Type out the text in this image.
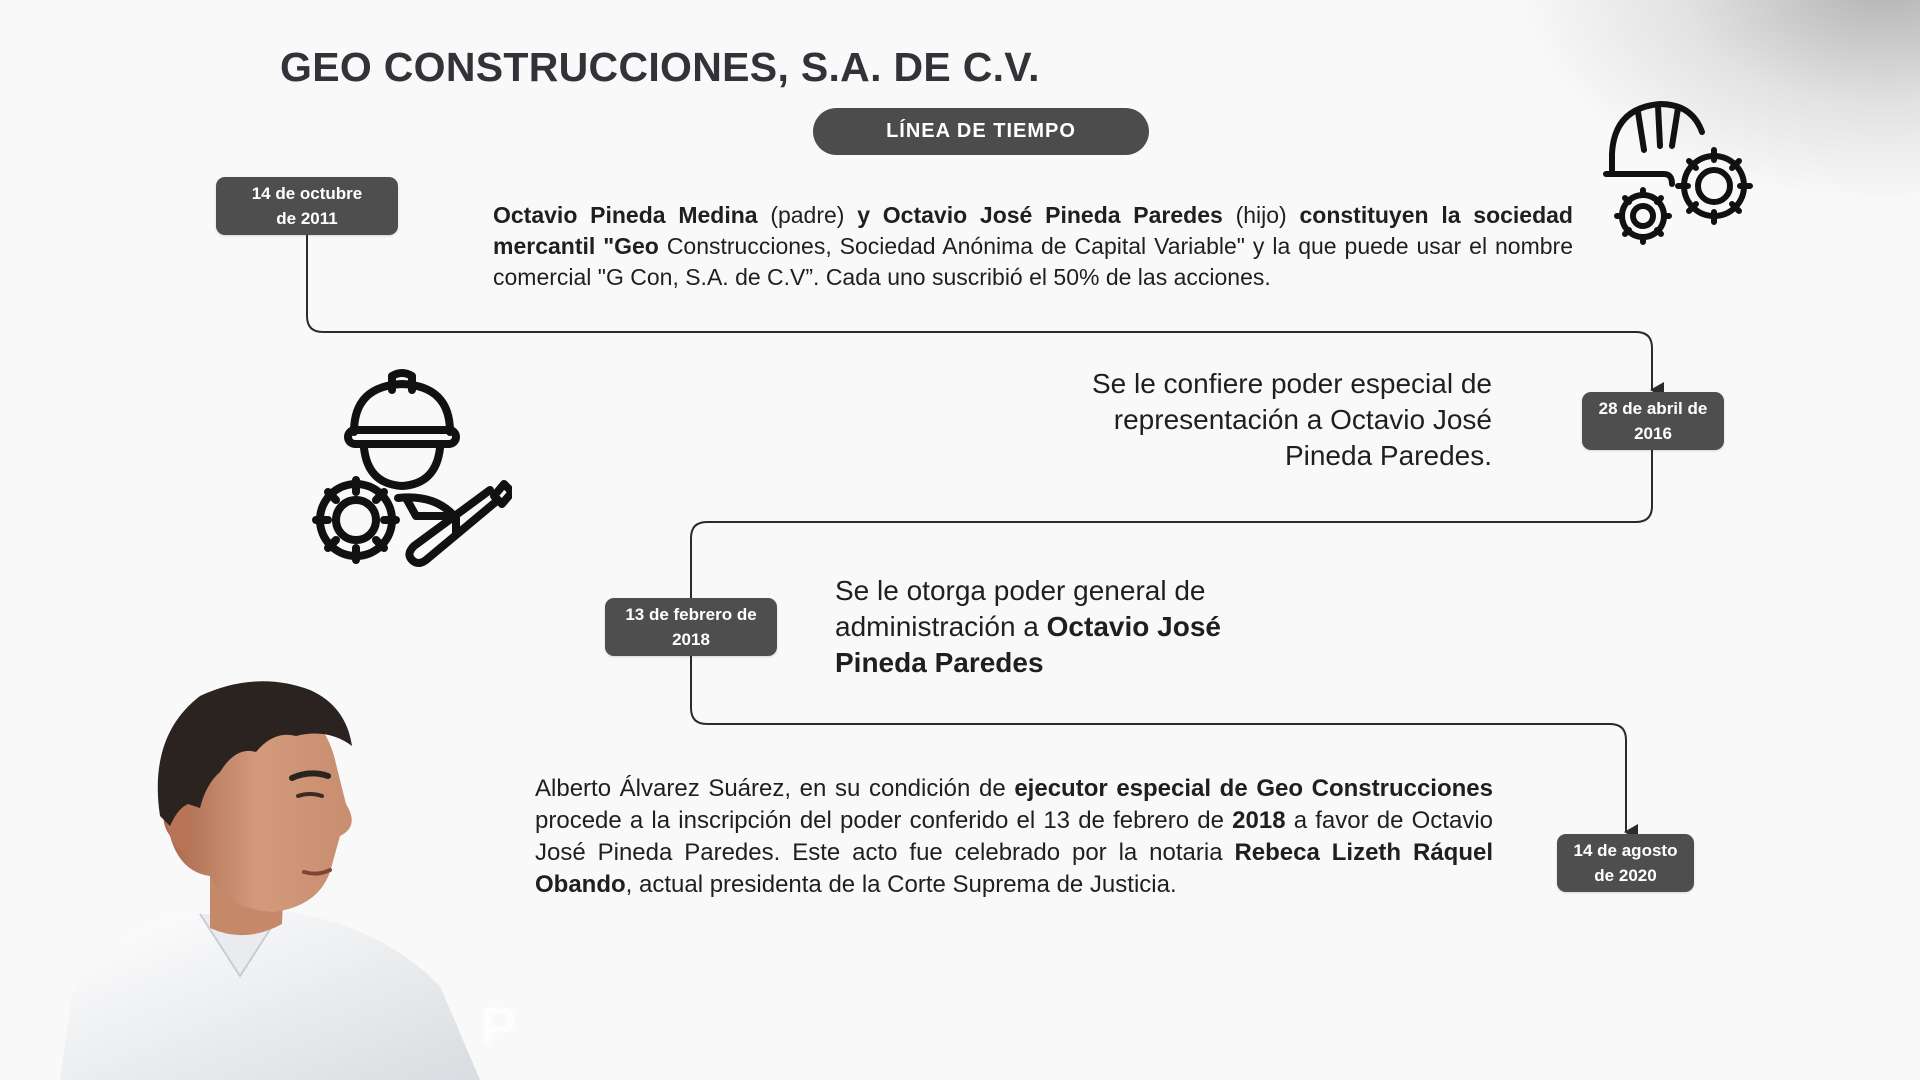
GEO CONSTRUCCIONES, S.A. DE C.V.
LÍNEA DE TIEMPO
14 de octubre
de 2011
28 de abril de
2016
13 de febrero de
2018
14 de agosto
de 2020

Octavio Pineda Medina (padre) y Octavio José Pineda Paredes (hijo) constituyen la sociedad mercantil "Geo Construcciones, Sociedad Anónima de Capital Variable" y la que puede usar el nombre comercial "G Con, S.A. de C.V”. Cada uno suscribió el 50% de las acciones.

Se le confiere poder especial de representación a Octavio José Pineda Paredes.

Se le otorga poder general de administración a Octavio José Pineda Paredes

Alberto Álvarez Suárez, en su condición de ejecutor especial de Geo Construcciones procede a la inscripción del poder conferido el 13 de febrero de 2018 a favor de Octavio José Pineda Paredes. Este acto fue celebrado por la notaria Rebeca Lizeth Ráquel Obando, actual presidenta de la Corte Suprema de Justicia.

P
